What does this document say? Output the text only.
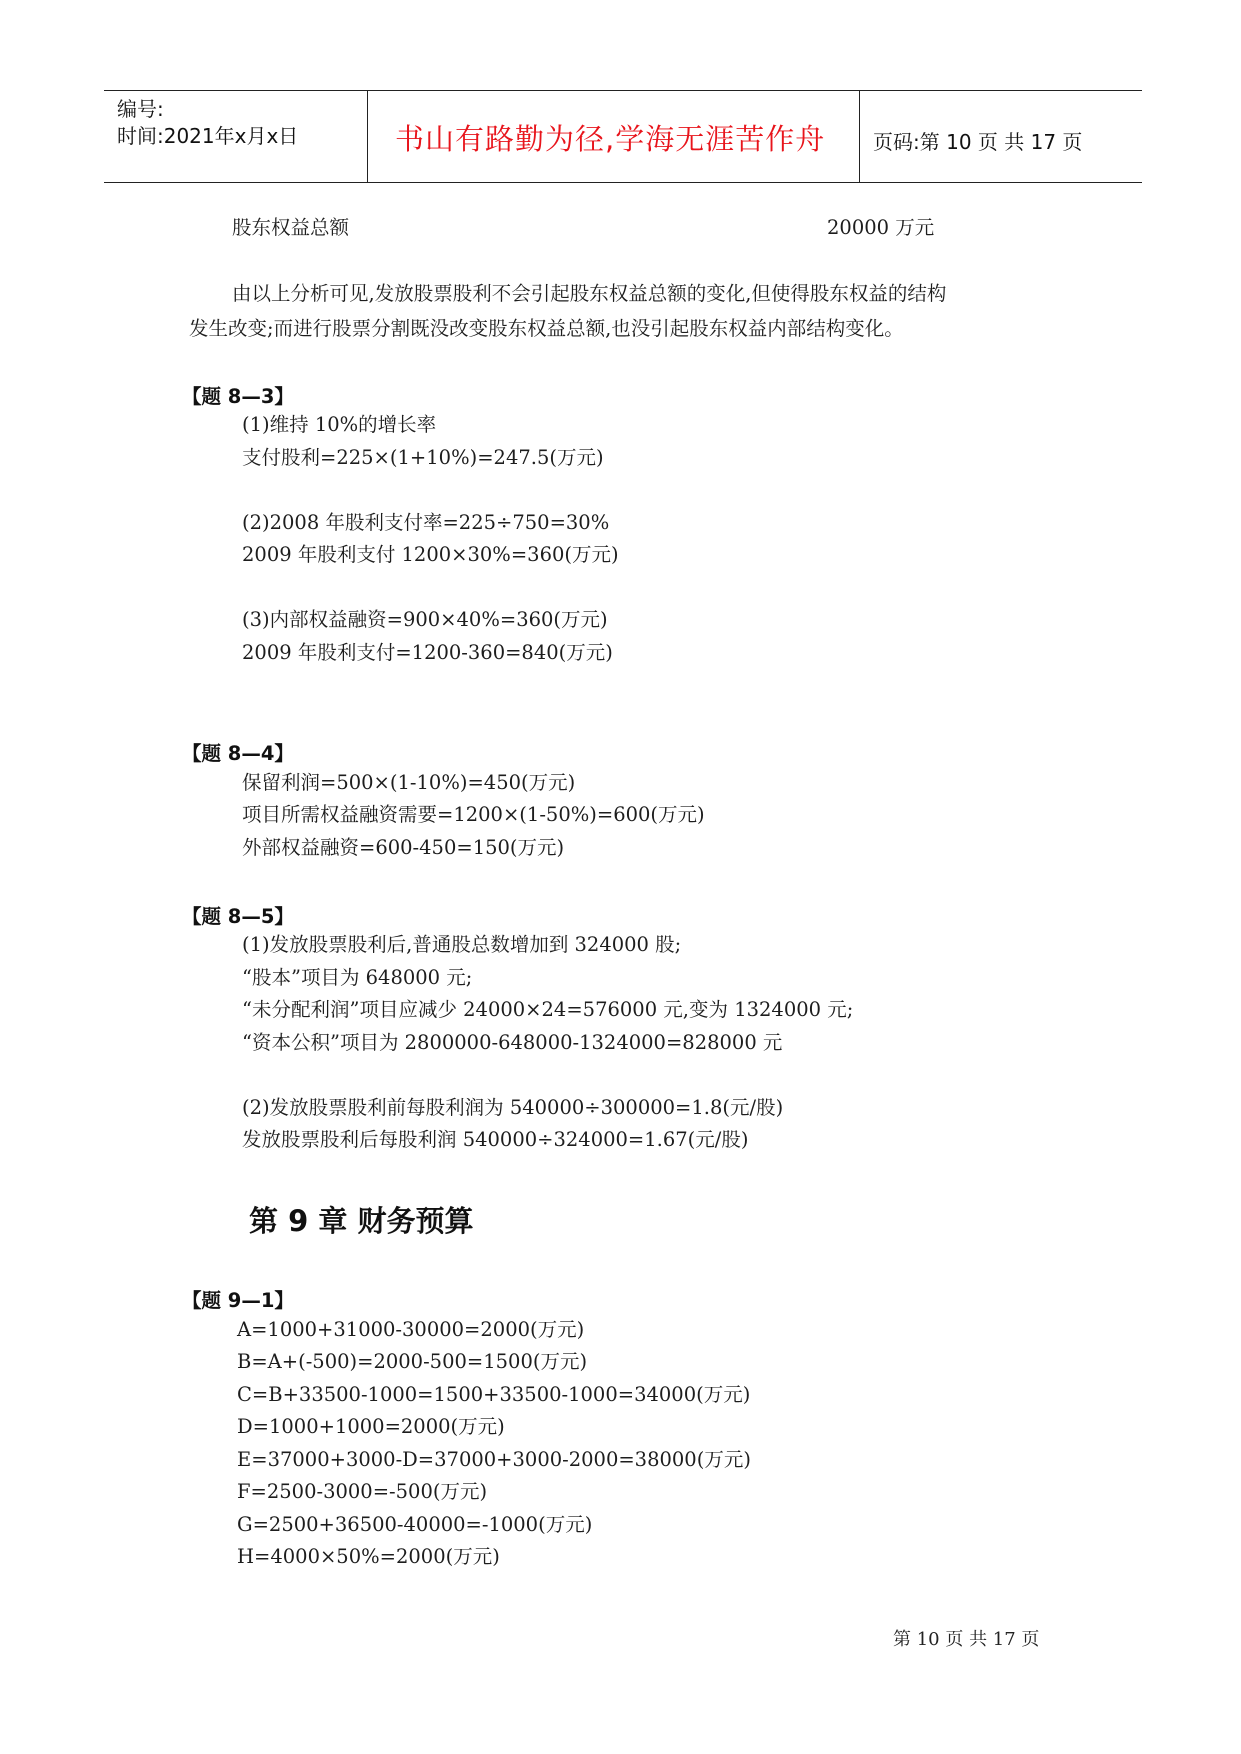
编号:
时间:2021年x月x日	书山有路勤为径,学海无涯苦作舟 页码:第 10 页 共 17 页
股东权益总额	20000 万元
由以上分析可见,发放股票股利不会引起股东权益总额的变化,但使得股东权益的结构
发生改变;而进行股票分割既没改变股东权益总额,也没引起股东权益内部结构变化。
【题 8—3】
(1)维持 10%的增长率
支付股利=225×(1+10%)=247.5(万元)
(2)2008 年股利支付率=225÷750=30%
2009 年股利支付 1200×30%=360(万元)
(3)内部权益融资=900×40%=360(万元)
2009 年股利支付=1200-360=840(万元)
【题 8—4】
保留利润=500×(1-10%)=450(万元)
项目所需权益融资需要=1200×(1-50%)=600(万元)
外部权益融资=600-450=150(万元)
【题 8—5】
(1)发放股票股利后,普通股总数增加到 324000 股;
“股本”项目为 648000 元;
“未分配利润”项目应减少 24000×24=576000 元,变为 1324000 元;
“资本公积”项目为 2800000-648000-1324000=828000 元
(2)发放股票股利前每股利润为 540000÷300000=1.8(元/股)
发放股票股利后每股利润 540000÷324000=1.67(元/股)
第 9 章 财务预算
【题 9—1】
A=1000+31000-30000=2000(万元)
B=A+(-500)=2000-500=1500(万元)
C=B+33500-1000=1500+33500-1000=34000(万元)
D=1000+1000=2000(万元)
E=37000+3000-D=37000+3000-2000=38000(万元)
F=2500-3000=-500(万元)
G=2500+36500-40000=-1000(万元)
H=4000×50%=2000(万元)
第 10 页 共 17 页
